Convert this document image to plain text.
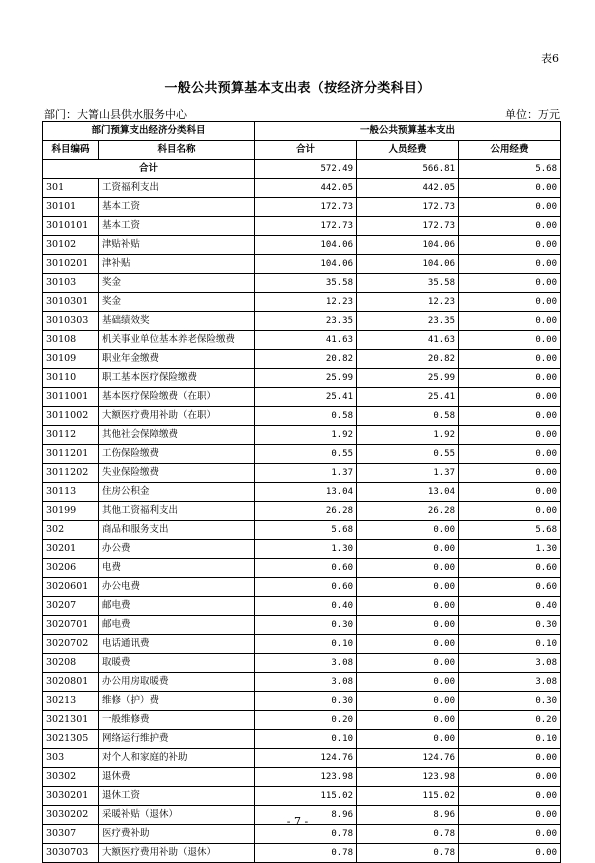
表6
一般公共预算基本支出表（按经济分类科目）
部门：大箐山县供水服务中心	单位：万元
部门预算支出经济分类科目		一般公共预算基本支出		
科目编码	科目名称	合计	人员经费	公用经费
合计		572.49	566.81	5.68
301	工资福利支出	442.05	442.05	0.00
30101	基本工资	172.73	172.73	0.00
3010101	基本工资	172.73	172.73	0.00
30102	津贴补贴	104.06	104.06	0.00
3010201	津补贴	104.06	104.06	0.00
30103	奖金	35.58	35.58	0.00
3010301	奖金	12.23	12.23	0.00
3010303	基础绩效奖	23.35	23.35	0.00
30108	机关事业单位基本养老保险缴费	41.63	41.63	0.00
30109	职业年金缴费	20.82	20.82	0.00
30110	职工基本医疗保险缴费	25.99	25.99	0.00
3011001	基本医疗保险缴费（在职）	25.41	25.41	0.00
3011002	大额医疗费用补助（在职）	0.58	0.58	0.00
30112	其他社会保障缴费	1.92	1.92	0.00
3011201	工伤保险缴费	0.55	0.55	0.00
3011202	失业保险缴费	1.37	1.37	0.00
30113	住房公积金	13.04	13.04	0.00
30199	其他工资福利支出	26.28	26.28	0.00
302	商品和服务支出	5.68	0.00	5.68
30201	办公费	1.30	0.00	1.30
30206	电费	0.60	0.00	0.60
3020601	办公电费	0.60	0.00	0.60
30207	邮电费	0.40	0.00	0.40
3020701	邮电费	0.30	0.00	0.30
3020702	电话通讯费	0.10	0.00	0.10
30208	取暖费	3.08	0.00	3.08
3020801	办公用房取暖费	3.08	0.00	3.08
30213	维修（护）费	0.30	0.00	0.30
3021301	一般维修费	0.20	0.00	0.20
3021305	网络运行维护费	0.10	0.00	0.10
303	对个人和家庭的补助	124.76	124.76	0.00
30302	退休费	123.98	123.98	0.00
3030201	退休工资	115.02	115.02	0.00
3030202	采暖补贴（退休）	8.96	8.96	0.00
30307	医疗费补助	0.78	0.78	0.00
3030703	大额医疗费用补助（退休）	0.78	0.78	0.00
- 7 -
